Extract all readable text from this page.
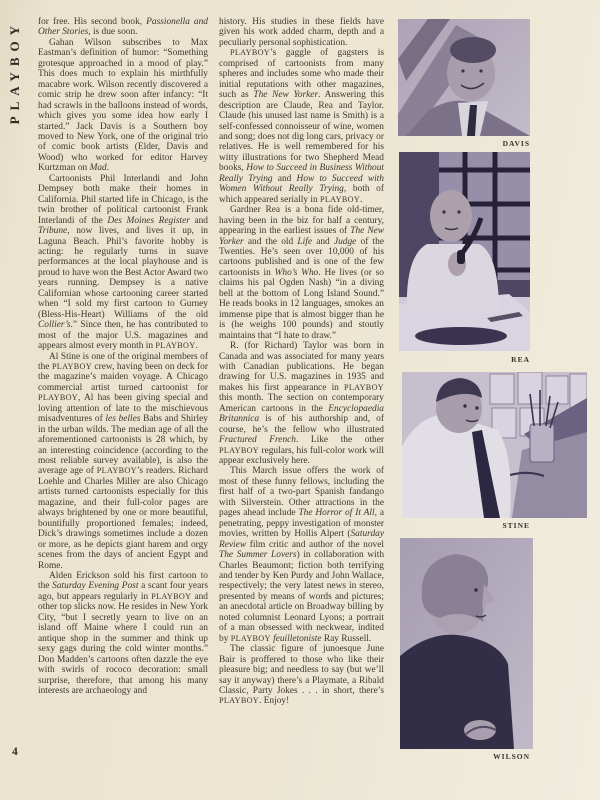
PLAYBOY for free. His second book, Passionella and Other Stories, is due soon.

Gahan Wilson subscribes to Max Eastman’s definition of humor: “Something grotesque approached in a mood of play.” This does much to explain his mirthfully macabre work. Wilson recently discovered a comic strip he drew soon after infancy: “It had scrawls in the balloons instead of words, which gives you some idea how early I started.” Jack Davis is a Southern boy moved to New York, one of the original trio of comic book artists (Elder, Davis and Wood) who worked for editor Harvey Kurtzman on Mad.

Cartoonists Phil Interlandi and John Dempsey both make their homes in California. Phil started life in Chicago, is the twin brother of political cartoonist Frank Interlandi of the Des Moines Register and Tribune, now lives, and lives it up, in Laguna Beach. Phil’s favorite hobby is acting: he regularly turns in suave performances at the local playhouse and is proud to have won the Best Actor Award two years running. Dempsey is a native Californian whose cartooning career started when “I sold my first cartoon to Gurney (Bless-His-Heart) Williams of the old Collier’s.” Since then, he has contributed to most of the major U.S. magazines and appears almost every month in PLAYBOY.

Al Stine is one of the original members of the PLAYBOY crew, having been on deck for the magazine’s maiden voyage. A Chicago commercial artist turned cartoonist for PLAYBOY, Al has been giving special and loving attention of late to the mischievous misadventures of les belles Babs and Shirley in the urban wilds. The median age of all the aforementioned cartoonists is 28 which, by an interesting coincidence (according to the most reliable survey available), is also the average age of PLAYBOY’s readers. Richard Loehle and Charles Miller are also Chicago artists turned cartoonists especially for this magazine, and their full-color pages are always brightened by one or more beautiful, bountifully proportioned females; indeed, Dick’s drawings sometimes include a dozen or more, as he depicts giant harem and orgy scenes from the days of ancient Egypt and Rome.

Alden Erickson sold his first cartoon to the Saturday Evening Post a scant four years ago, but appears regularly in PLAYBOY and other top slicks now. He resides in New York City, “but I secretly yearn to live on an island off Maine where I could run an antique shop in the summer and think up sexy gags during the cold winter months.” Don Madden’s cartoons often dazzle the eye with swirls of rococo decoration: small surprise, therefore, that among his many interests are archaeology and

history. His studies in these fields have given his work added charm, depth and a peculiarly personal sophistication.

PLAYBOY’s gaggle of gagsters is comprised of cartoonists from many spheres and includes some who made their initial reputations with other magazines, such as The New Yorker. Answering this description are Claude, Rea and Taylor. Claude (his unused last name is Smith) is a self-confessed connoisseur of wine, women and song; does not dig long cars, privacy or relatives. He is well remembered for his witty illustrations for two Shepherd Mead books, How to Succeed in Business Without Really Trying and How to Succeed with Women Without Really Trying, both of which appeared serially in PLAYBOY.

Gardner Rea is a bona fide old-timer, having been in the biz for half a century, appearing in the earliest issues of The New Yorker and the old Life and Judge of the Twenties. He’s seen over 10,000 of his cartoons published and is one of the few cartoonists in Who’s Who. He lives (or so claims his pal Ogden Nash) “in a diving bell at the bottom of Long Island Sound.” He reads books in 12 languages, smokes an immense pipe that is almost bigger than he is (he weighs 100 pounds) and stoutly maintains that “I hate to draw.”

R. (for Richard) Taylor was born in Canada and was associated for many years with Canadian publications. He began drawing for U.S. magazines in 1935 and makes his first appearance in PLAYBOY this month. The section on contemporary American cartoons in the Encyclopaedia Britannica is of his authorship and, of course, he’s the fellow who illustrated Fractured French. Like the other PLAYBOY regulars, his full-color work will appear exclusively here.

This March issue offers the work of most of these funny fellows, including the first half of a two-part Spanish fandango with Silverstein. Other attractions in the pages ahead include The Horror of It All, a penetrating, peppy investigation of monster movies, written by Hollis Alpert (Saturday Review film critic and author of the novel The Summer Lovers) in collaboration with Charles Beaumont; fiction both terrifying and tender by Ken Purdy and John Wallace, respectively; the very latest news in stereo, presented by means of words and pictures; an anecdotal article on Broadway billing by noted columnist Leonard Lyons; a portrait of a man obsessed with neckwear, indited by PLAYBOY feuilletoniste Ray Russell.

The classic figure of junoesque June Bair is proffered to those who like their pleasure big; and needless to say (but we’ll say it anyway) there’s a Playmate, a Ribald Classic, Party Jokes . . . in short, there’s PLAYBOY. Enjoy!

DAVIS
REA
STINE
WILSON
4
